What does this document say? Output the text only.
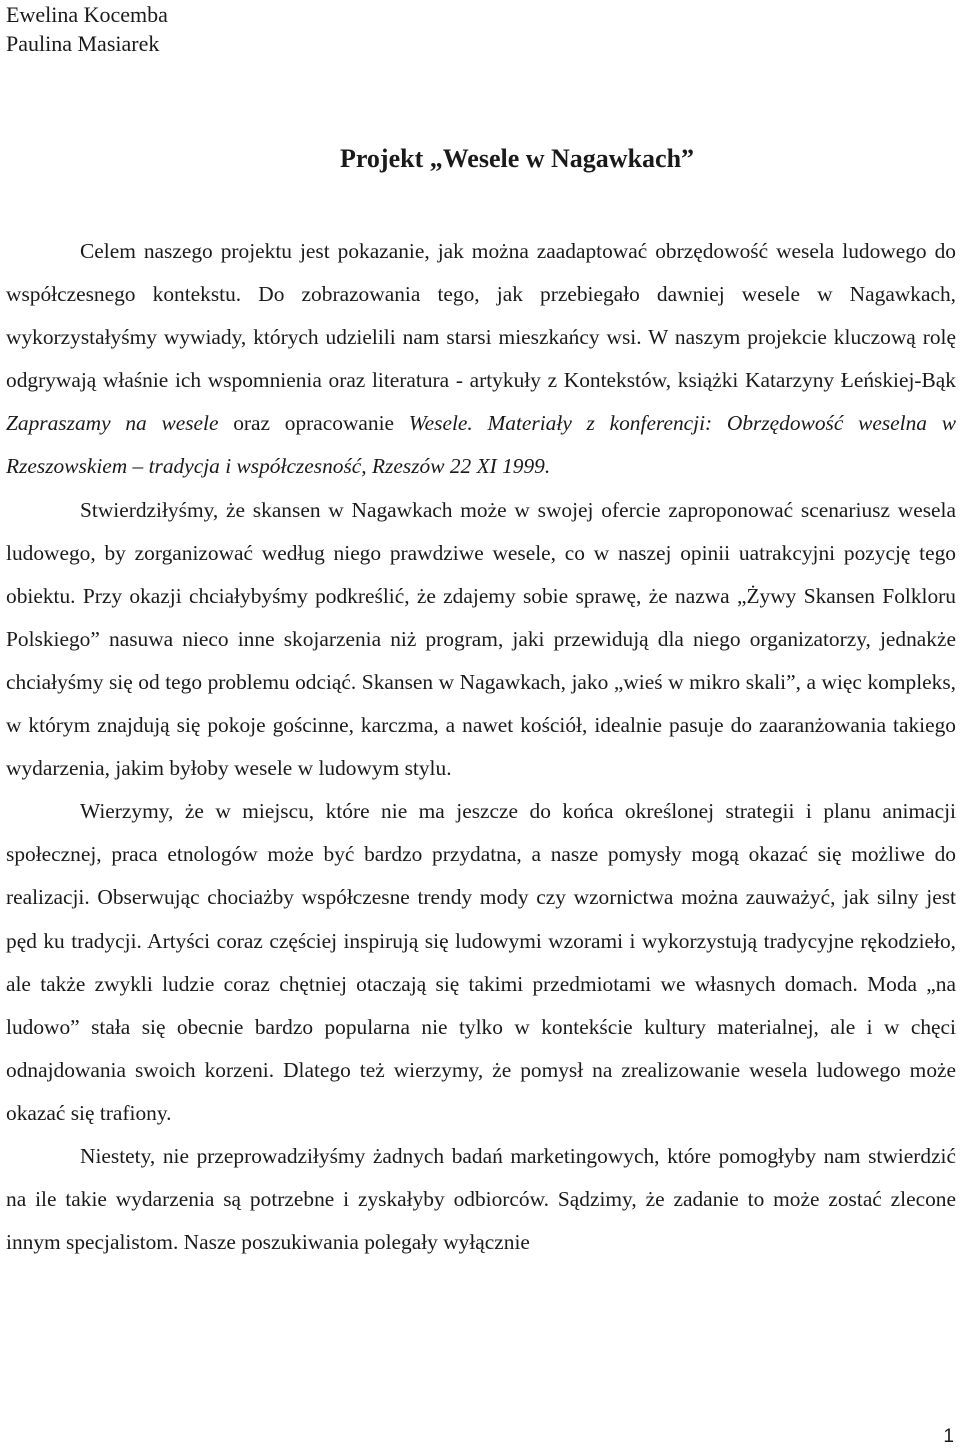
Ewelina Kocemba
Paulina Masiarek
Projekt „Wesele w Nagawkach”

Celem naszego projektu jest pokazanie, jak można zaadaptować obrzędowość wesela ludowego do współczesnego kontekstu. Do zobrazowania tego, jak przebiegało dawniej wesele w Nagawkach, wykorzystałyśmy wywiady, których udzielili nam starsi mieszkańcy wsi. W naszym projekcie kluczową rolę odgrywają właśnie ich wspomnienia oraz literatura - artykuły z Kontekstów, książki Katarzyny Łeńskiej-Bąk Zapraszamy na wesele oraz opracowanie Wesele. Materiały z konferencji: Obrzędowość weselna w Rzeszowskiem – tradycja i współczesność, Rzeszów 22 XI 1999.

Stwierdziłyśmy, że skansen w Nagawkach może w swojej ofercie zaproponować scenariusz wesela ludowego, by zorganizować według niego prawdziwe wesele, co w naszej opinii uatrakcyjni pozycję tego obiektu. Przy okazji chciałybyśmy podkreślić, że zdajemy sobie sprawę, że nazwa „Żywy Skansen Folkloru Polskiego” nasuwa nieco inne skojarzenia niż program, jaki przewidują dla niego organizatorzy, jednakże chciałyśmy się od tego problemu odciąć. Skansen w Nagawkach, jako „wieś w mikro skali”, a więc kompleks, w którym znajdują się pokoje gościnne, karczma, a nawet kościół, idealnie pasuje do zaaranżowania takiego wydarzenia, jakim byłoby wesele w ludowym stylu.

Wierzymy, że w miejscu, które nie ma jeszcze do końca określonej strategii i planu animacji społecznej, praca etnologów może być bardzo przydatna, a nasze pomysły mogą okazać się możliwe do realizacji. Obserwując chociażby współczesne trendy mody czy wzornictwa można zauważyć, jak silny jest pęd ku tradycji. Artyści coraz częściej inspirują się ludowymi wzorami i wykorzystują tradycyjne rękodzieło, ale także zwykli ludzie coraz chętniej otaczają się takimi przedmiotami we własnych domach. Moda „na ludowo” stała się obecnie bardzo popularna nie tylko w kontekście kultury materialnej, ale i w chęci odnajdowania swoich korzeni. Dlatego też wierzymy, że pomysł na zrealizowanie wesela ludowego może okazać się trafiony.

Niestety, nie przeprowadziłyśmy żadnych badań marketingowych, które pomogłyby nam stwierdzić na ile takie wydarzenia są potrzebne i zyskałyby odbiorców. Sądzimy, że zadanie to może zostać zlecone innym specjalistom. Nasze poszukiwania polegały wyłącznie

1
